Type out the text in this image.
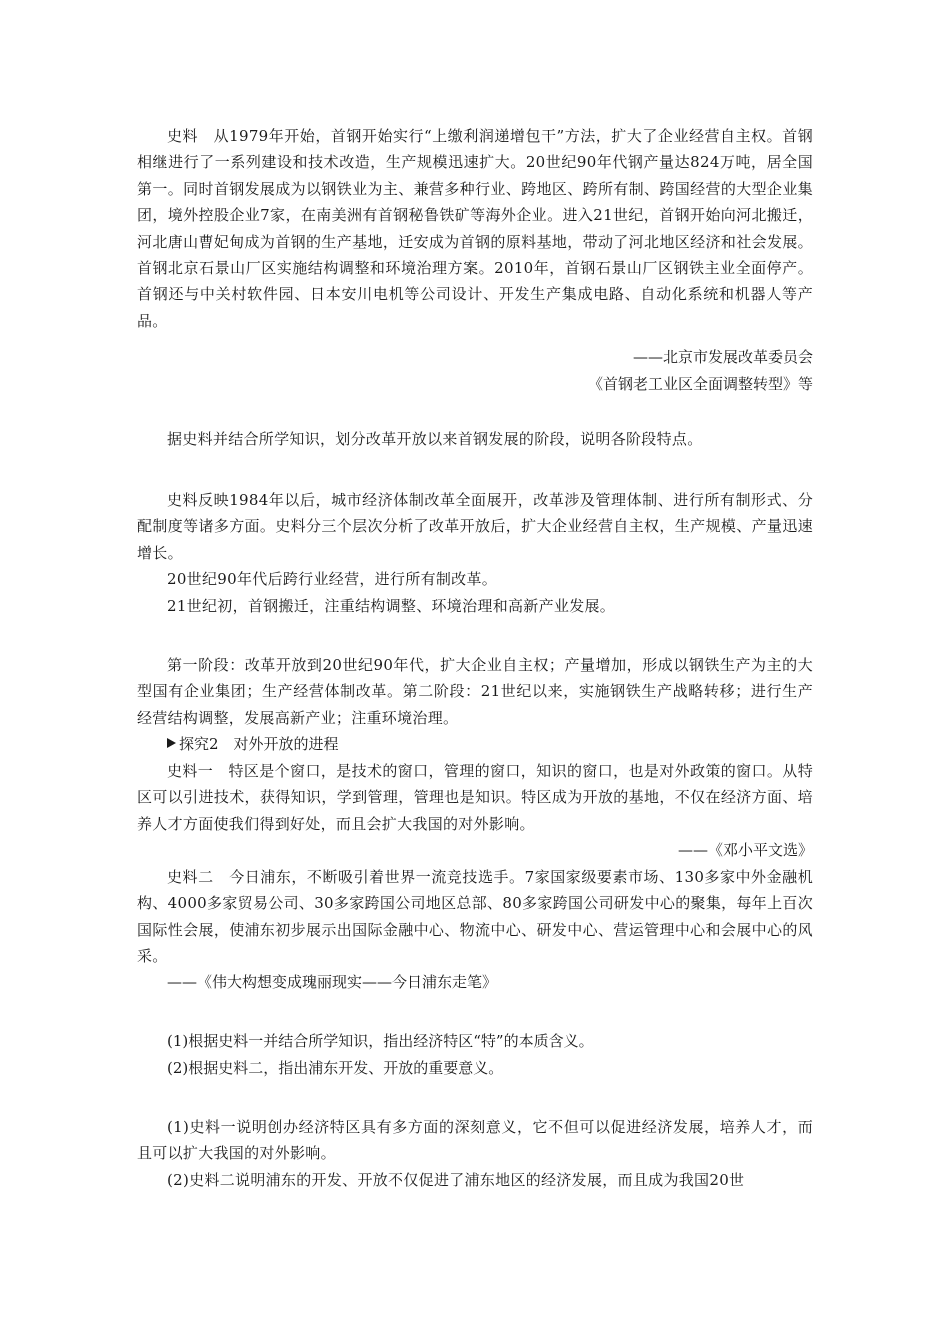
史料　从1979年开始，首钢开始实行“上缴利润递增包干”方法，扩大了企业经营自主权。首钢相继进行了一系列建设和技术改造，生产规模迅速扩大。20世纪90年代钢产量达824万吨，居全国第一。同时首钢发展成为以钢铁业为主、兼营多种行业、跨地区、跨所有制、跨国经营的大型企业集团，境外控股企业7家，在南美洲有首钢秘鲁铁矿等海外企业。进入21世纪，首钢开始向河北搬迁，河北唐山曹妃甸成为首钢的生产基地，迁安成为首钢的原料基地，带动了河北地区经济和社会发展。首钢北京石景山厂区实施结构调整和环境治理方案。2010年，首钢石景山厂区钢铁主业全面停产。首钢还与中关村软件园、日本安川电机等公司设计、开发生产集成电路、自动化系统和机器人等产品。

——北京市发展改革委员会

《首钢老工业区全面调整转型》等

据史料并结合所学知识，划分改革开放以来首钢发展的阶段，说明各阶段特点。

史料反映1984年以后，城市经济体制改革全面展开，改革涉及管理体制、进行所有制形式、分配制度等诸多方面。史料分三个层次分析了改革开放后，扩大企业经营自主权，生产规模、产量迅速增长。

20世纪90年代后跨行业经营，进行所有制改革。

21世纪初，首钢搬迁，注重结构调整、环境治理和高新产业发展。

第一阶段：改革开放到20世纪90年代，扩大企业自主权；产量增加，形成以钢铁生产为主的大型国有企业集团；生产经营体制改革。第二阶段：21世纪以来，实施钢铁生产战略转移；进行生产经营结构调整，发展高新产业；注重环境治理。

探究2　对外开放的进程

史料一　特区是个窗口，是技术的窗口，管理的窗口，知识的窗口，也是对外政策的窗口。从特区可以引进技术，获得知识，学到管理，管理也是知识。特区成为开放的基地，不仅在经济方面、培养人才方面使我们得到好处，而且会扩大我国的对外影响。

——《邓小平文选》

史料二　今日浦东，不断吸引着世界一流竞技选手。7家国家级要素市场、130多家中外金融机构、4000多家贸易公司、30多家跨国公司地区总部、80多家跨国公司研发中心的聚集，每年上百次国际性会展，使浦东初步展示出国际金融中心、物流中心、研发中心、营运管理中心和会展中心的风采。

——《伟大构想变成瑰丽现实——今日浦东走笔》

(1)根据史料一并结合所学知识，指出经济特区“特”的本质含义。

(2)根据史料二，指出浦东开发、开放的重要意义。

(1)史料一说明创办经济特区具有多方面的深刻意义，它不但可以促进经济发展，培养人才，而且可以扩大我国的对外影响。

(2)史料二说明浦东的开发、开放不仅促进了浦东地区的经济发展，而且成为我国20世
